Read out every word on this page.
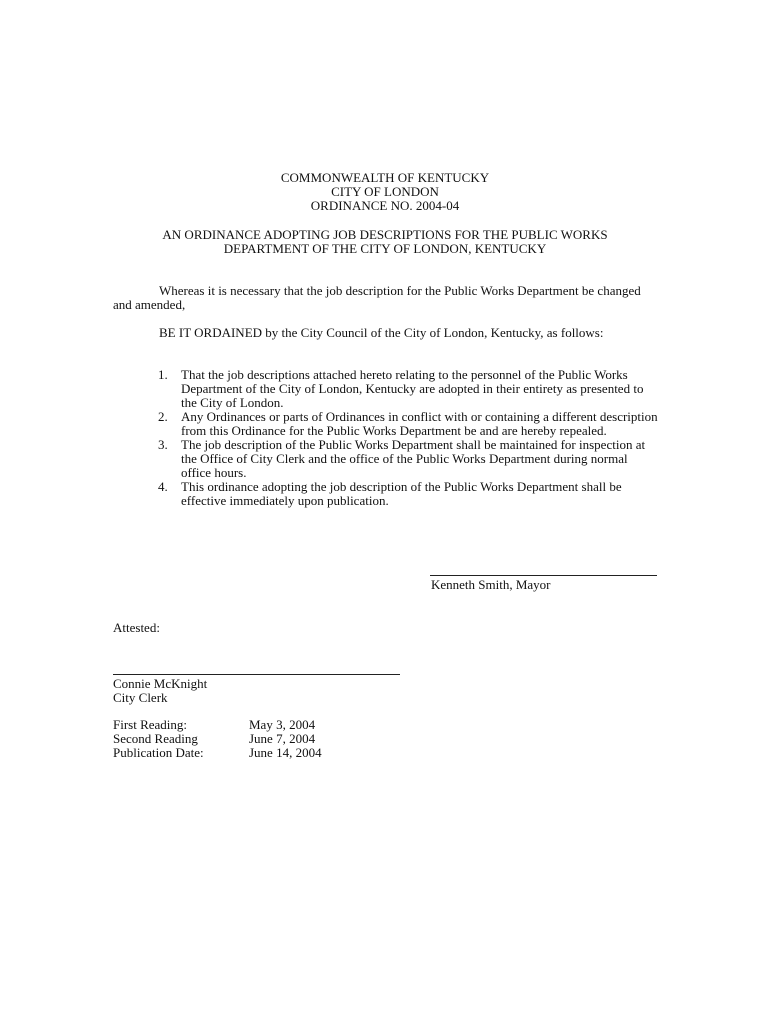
COMMONWEALTH OF KENTUCKY
CITY OF LONDON
ORDINANCE NO. 2004-04
AN ORDINANCE ADOPTING JOB DESCRIPTIONS FOR THE PUBLIC WORKS
DEPARTMENT OF THE CITY OF LONDON, KENTUCKY
Whereas it is necessary that the job description for the Public Works Department be changed and amended,
BE IT ORDAINED by the City Council of the City of London, Kentucky, as follows:
1.	That the job descriptions attached hereto relating to the personnel of the Public Works Department of the City of London, Kentucky are adopted in their entirety as presented to the City of London.
2.	Any Ordinances or parts of Ordinances in conflict with or containing a different description from this Ordinance for the Public Works Department be and are hereby repealed.
3.	The job description of the Public Works Department shall be maintained for inspection at the Office of City Clerk and the office of the Public Works Department during normal office hours.
4.	This ordinance adopting the job description of the Public Works Department shall be effective immediately upon publication.
Kenneth Smith, Mayor
Attested:
Connie McKnight
City Clerk
First Reading:	May 3, 2004
Second Reading	June 7, 2004
Publication Date:	June 14, 2004
